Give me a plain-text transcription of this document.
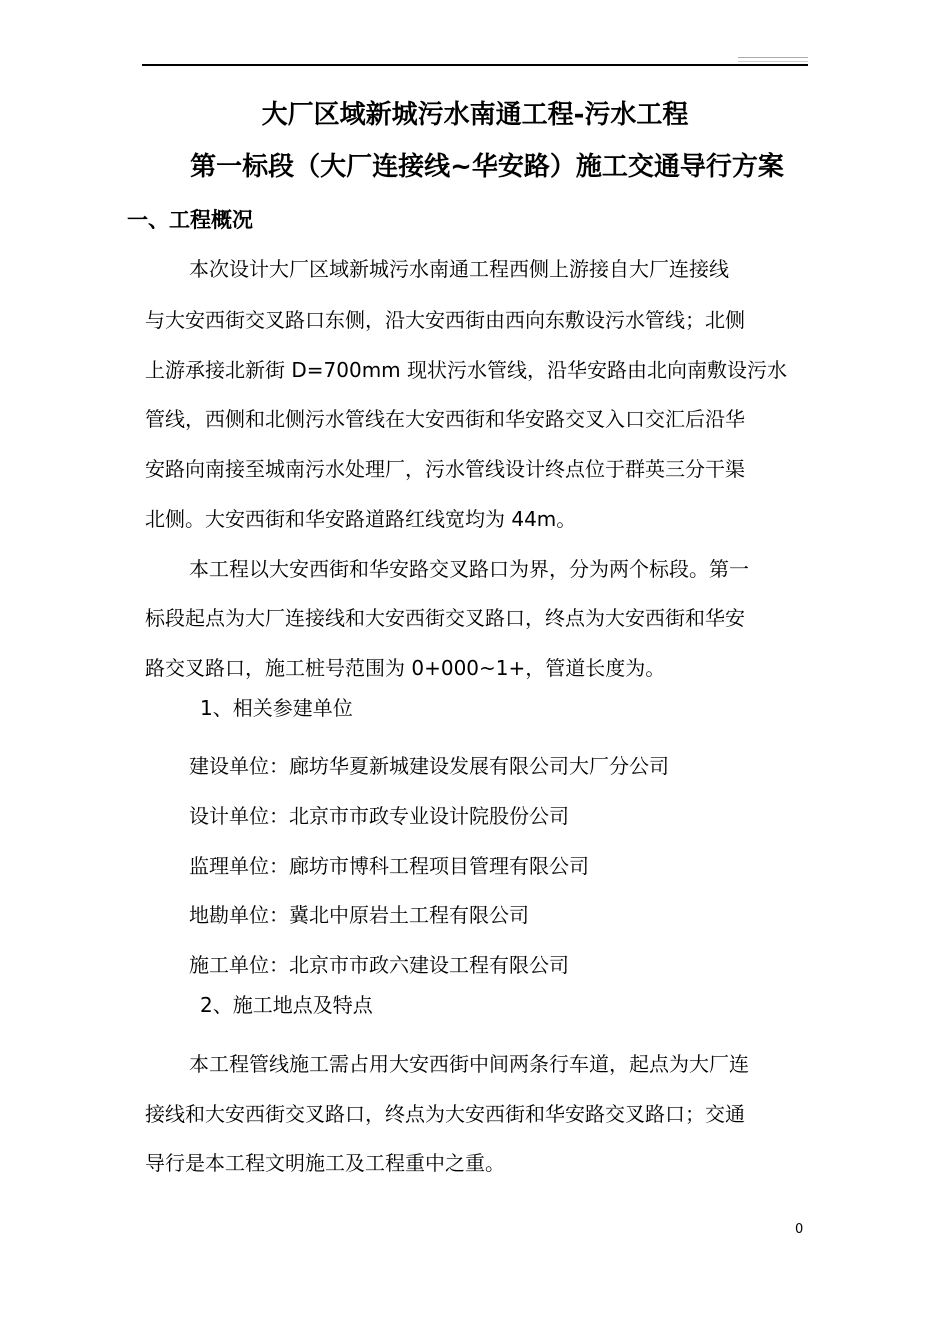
大厂区域新城污水南通工程-污水工程
第一标段（大厂连接线~华安路）施工交通导行方案
一、工程概况
本次设计大厂区域新城污水南通工程西侧上游接自大厂连接线
与大安西街交叉路口东侧，沿大安西街由西向东敷设污水管线；北侧
上游承接北新街 D=700mm 现状污水管线，沿华安路由北向南敷设污水
管线，西侧和北侧污水管线在大安西街和华安路交叉入口交汇后沿华
安路向南接至城南污水处理厂，污水管线设计终点位于群英三分干渠
北侧。大安西街和华安路道路红线宽均为 44m。
本工程以大安西街和华安路交叉路口为界，分为两个标段。第一
标段起点为大厂连接线和大安西街交叉路口，终点为大安西街和华安
路交叉路口，施工桩号范围为 0+000~1+，管道长度为。
1、相关参建单位
建设单位：廊坊华夏新城建设发展有限公司大厂分公司
设计单位：北京市市政专业设计院股份公司
监理单位：廊坊市博科工程项目管理有限公司
地勘单位：冀北中原岩土工程有限公司
施工单位：北京市市政六建设工程有限公司
2、施工地点及特点
本工程管线施工需占用大安西街中间两条行车道，起点为大厂连
接线和大安西街交叉路口，终点为大安西街和华安路交叉路口；交通
导行是本工程文明施工及工程重中之重。
0
